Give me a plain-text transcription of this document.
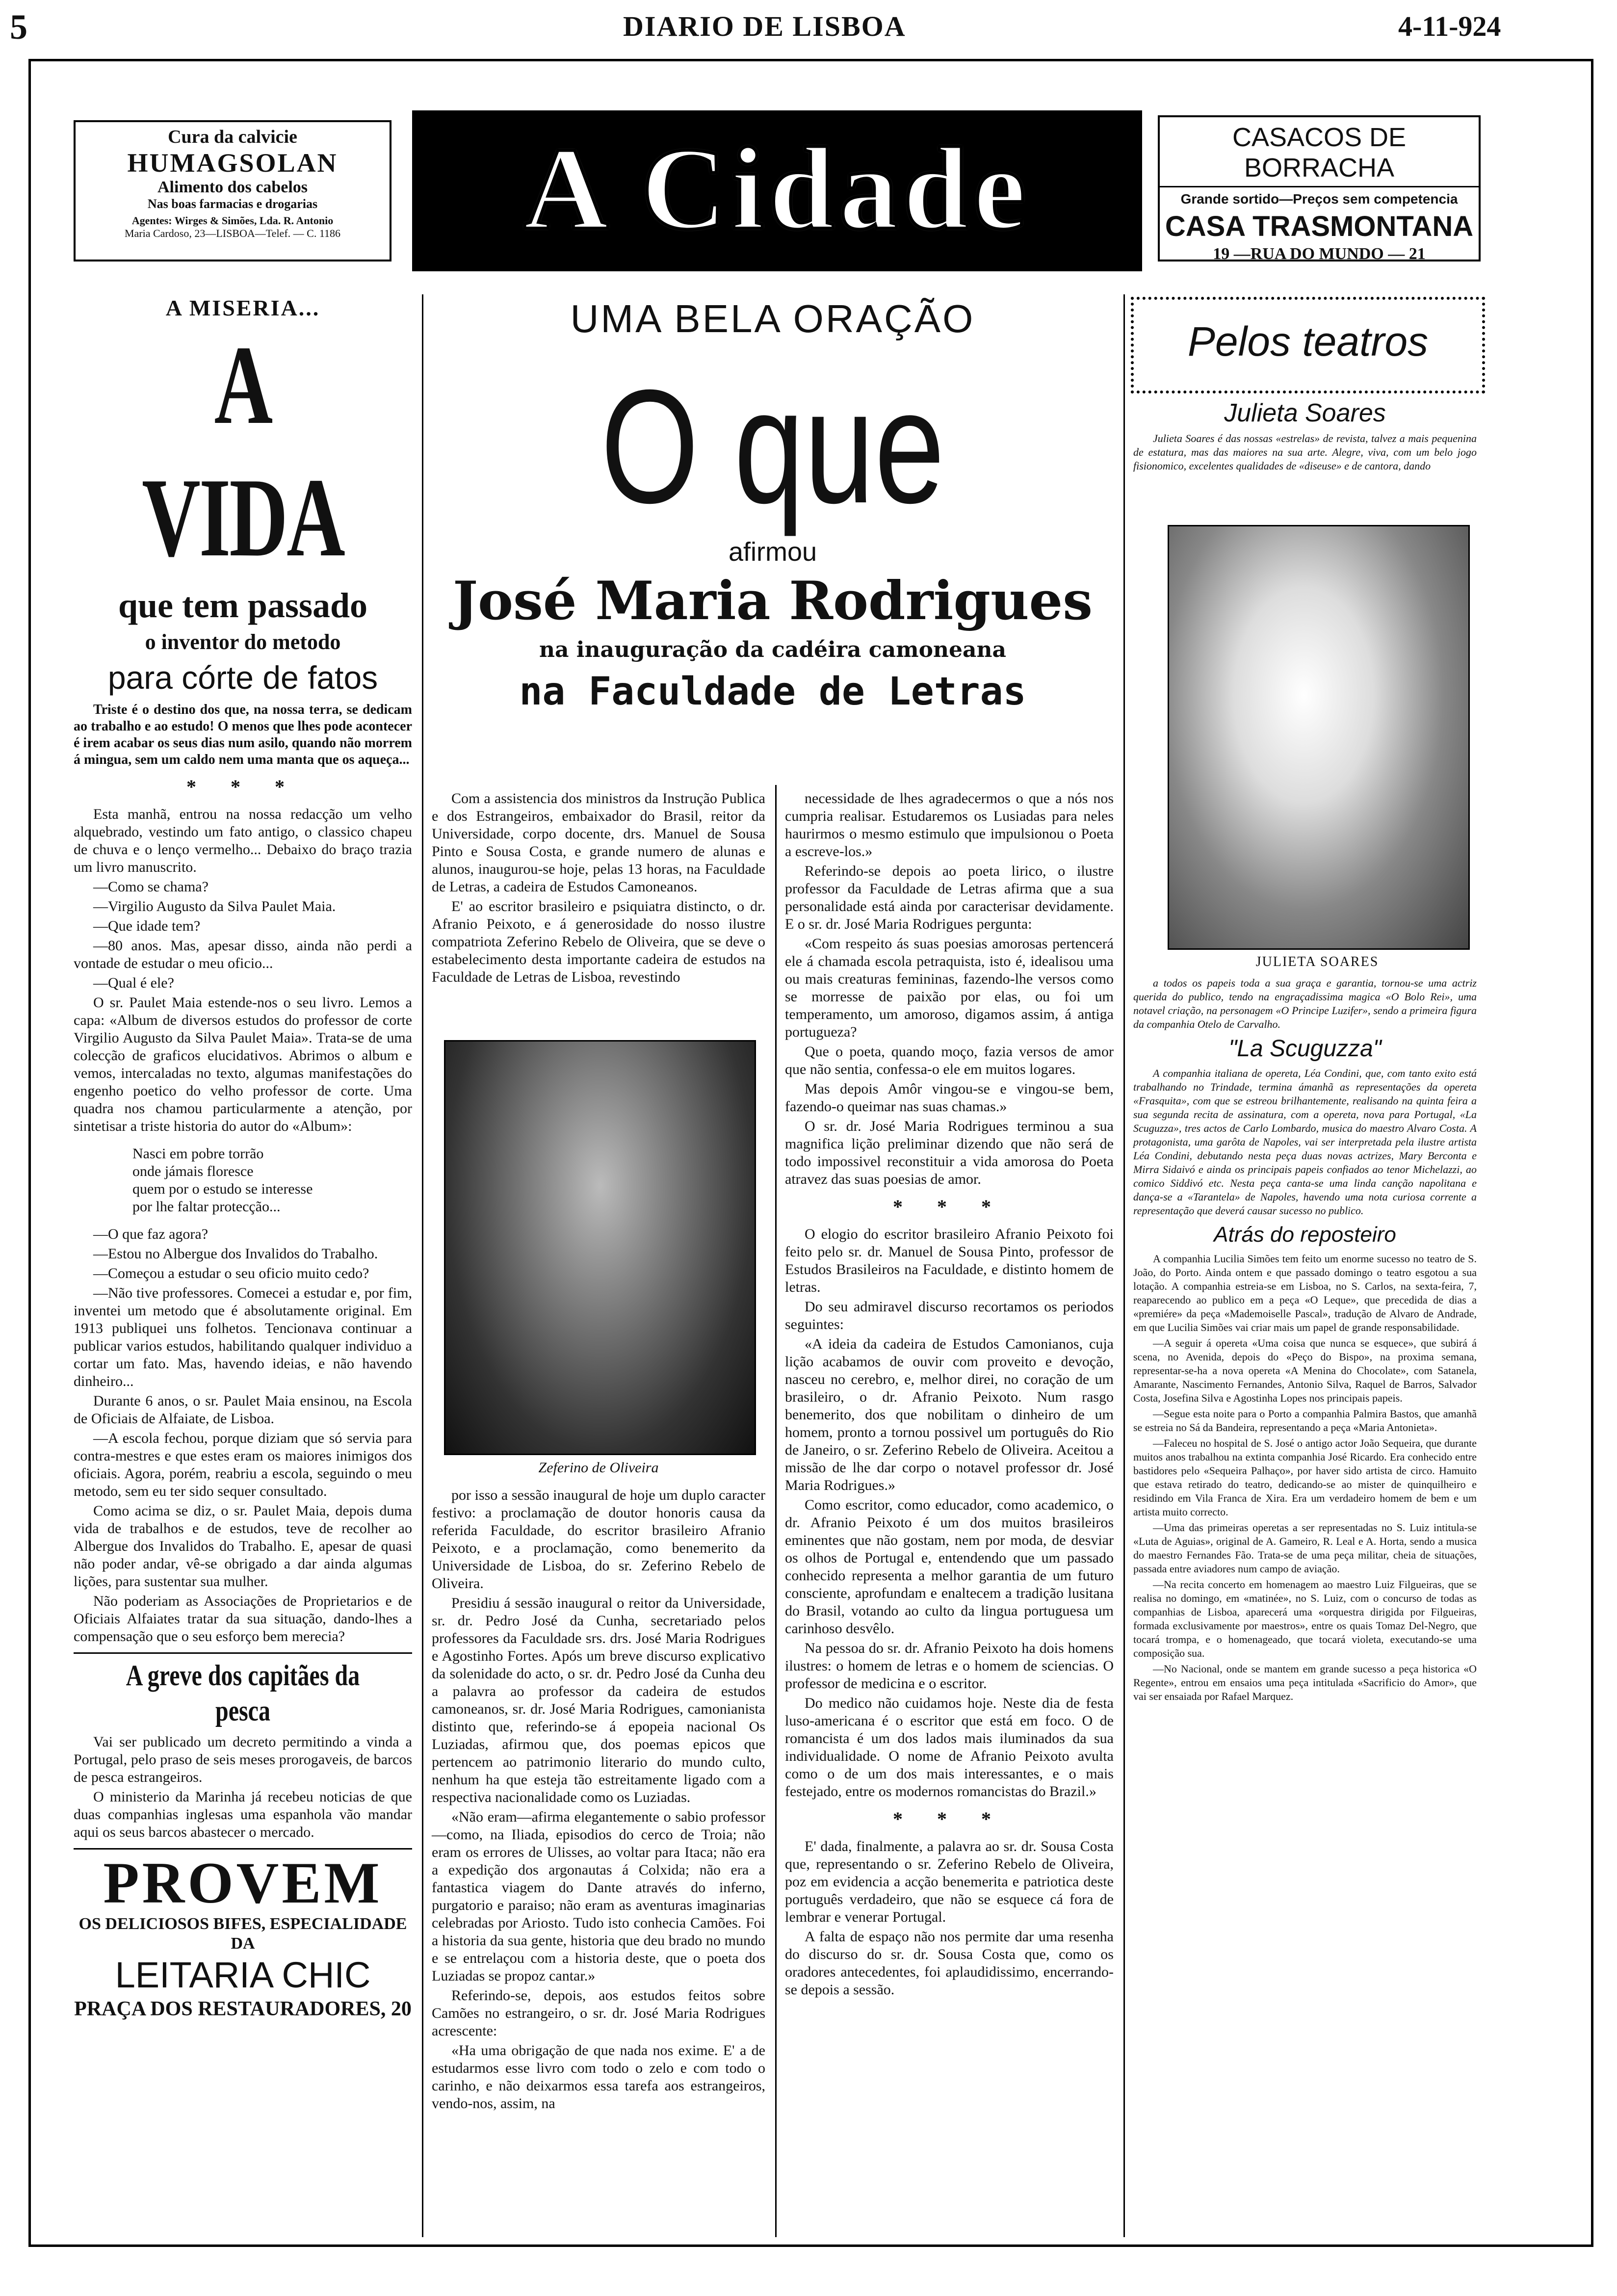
5	DIARIO DE LISBOA	4-11-924
Cura da calvicie
HUMAGSOLAN
Alimento dos cabelos
Nas boas farmacias e drogarias
Agentes: Wirges & Simões, Lda. R. Antonio
Maria Cardoso, 23—LISBOA—Telef. — C. 1186	A Cidade	CASACOS DE BORRACHA
Grande sortido—Preços sem competencia
CASA TRASMONTANA
19 —RUA DO MUNDO — 21
A MISERIA...
A VIDA
que tem passado
o inventor do metodo
para córte de fatos

Triste é o destino dos que, na nossa terra, se dedicam ao trabalho e ao estudo! O menos que lhes pode acontecer é irem acabar os seus dias num asilo, quando não morrem á mingua, sem um caldo nem uma manta que os aqueça...

* * *

Esta manhã, entrou na nossa redacção um velho alquebrado, vestindo um fato antigo, o classico chapeu de chuva e o lenço vermelho... Debaixo do braço trazia um livro manuscrito.

—Como se chama?

—Virgilio Augusto da Silva Paulet Maia.

—Que idade tem?

—80 anos. Mas, apesar disso, ainda não perdi a vontade de estudar o meu oficio...

—Qual é ele?

O sr. Paulet Maia estende-nos o seu livro. Lemos a capa: «Album de diversos estudos do professor de corte Virgilio Augusto da Silva Paulet Maia». Trata-se de uma colecção de graficos elucidativos. Abrimos o album e vemos, intercaladas no texto, algumas manifestações do engenho poetico do velho professor de corte. Uma quadra nos chamou particularmente a atenção, por sintetisar a triste historia do autor do «Album»:

Nasci em pobre torrão
onde jámais floresce
quem por o estudo se interesse
por lhe faltar protecção...

—O que faz agora?

—Estou no Albergue dos Invalidos do Trabalho.

—Começou a estudar o seu oficio muito cedo?

—Não tive professores. Comecei a estudar e, por fim, inventei um metodo que é absolutamente original. Em 1913 publiquei uns folhetos. Tencionava continuar a publicar varios estudos, habilitando qualquer individuo a cortar um fato. Mas, havendo ideias, e não havendo dinheiro...

Durante 6 anos, o sr. Paulet Maia ensinou, na Escola de Oficiais de Alfaiate, de Lisboa.

—A escola fechou, porque diziam que só servia para contra-mestres e que estes eram os maiores inimigos dos oficiais. Agora, porém, reabriu a escola, seguindo o meu metodo, sem eu ter sido sequer consultado.

Como acima se diz, o sr. Paulet Maia, depois duma vida de trabalhos e de estudos, teve de recolher ao Albergue dos Invalidos do Trabalho. E, apesar de quasi não poder andar, vê-se obrigado a dar ainda algumas lições, para sustentar sua mulher.

Não poderiam as Associações de Proprietarios e de Oficiais Alfaiates tratar da sua situação, dando-lhes a compensação que o seu esforço bem merecia?

A greve dos capitães da pesca

Vai ser publicado um decreto permitindo a vinda a Portugal, pelo praso de seis meses prorogaveis, de barcos de pesca estrangeiros.

O ministerio da Marinha já recebeu noticias de que duas companhias inglesas uma espanhola vão mandar aqui os seus barcos abastecer o mercado.

PROVEM
OS DELICIOSOS BIFES, ESPECIALIDADE DA
LEITARIA CHIC
PRAÇA DOS RESTAURADORES, 20
UMA BELA ORAÇÃO
O que
afirmou
José Maria Rodrigues
na inauguração da cadéira camoneana
na Faculdade de Letras

Com a assistencia dos ministros da Instrução Publica e dos Estrangeiros, embaixador do Brasil, reitor da Universidade, corpo docente, drs. Manuel de Sousa Pinto e Sousa Costa, e grande numero de alunas e alunos, inaugurou-se hoje, pelas 13 horas, na Faculdade de Letras, a cadeira de Estudos Camoneanos.

E' ao escritor brasileiro e psiquiatra distincto, o dr. Afranio Peixoto, e á generosidade do nosso ilustre compatriota Zeferino Rebelo de Oliveira, que se deve o estabelecimento desta importante cadeira de estudos na Faculdade de Letras de Lisboa, revestindo

Zeferino de Oliveira

por isso a sessão inaugural de hoje um duplo caracter festivo: a proclamação de doutor honoris causa da referida Faculdade, do escritor brasileiro Afranio Peixoto, e a proclamação, como benemerito da Universidade de Lisboa, do sr. Zeferino Rebelo de Oliveira.

Presidiu á sessão inaugural o reitor da Universidade, sr. dr. Pedro José da Cunha, secretariado pelos professores da Faculdade srs. drs. José Maria Rodrigues e Agostinho Fortes. Após um breve discurso explicativo da solenidade do acto, o sr. dr. Pedro José da Cunha deu a palavra ao professor da cadeira de estudos camoneanos, sr. dr. José Maria Rodrigues, camonianista distinto que, referindo-se á epopeia nacional Os Luziadas, afirmou que, dos poemas epicos que pertencem ao patrimonio literario do mundo culto, nenhum ha que esteja tão estreitamente ligado com a respectiva nacionalidade como os Luziadas.

«Não eram—afirma elegantemente o sabio professor—como, na Iliada, episodios do cerco de Troia; não eram os errores de Ulisses, ao voltar para Itaca; não era a expedição dos argonautas á Colxida; não era a fantastica viagem do Dante através do inferno, purgatorio e paraiso; não eram as aventuras imaginarias celebradas por Ariosto. Tudo isto conhecia Camões. Foi a historia da sua gente, historia que deu brado no mundo e se entrelaçou com a historia deste, que o poeta dos Luziadas se propoz cantar.»

Referindo-se, depois, aos estudos feitos sobre Camões no estrangeiro, o sr. dr. José Maria Rodrigues acrescente:

«Ha uma obrigação de que nada nos exime. E' a de estudarmos esse livro com todo o zelo e com todo o carinho, e não deixarmos essa tarefa aos estrangeiros, vendo-nos, assim, na

necessidade de lhes agradecermos o que a nós nos cumpria realisar. Estudaremos os Lusiadas para neles haurirmos o mesmo estimulo que impulsionou o Poeta a escreve-los.»

Referindo-se depois ao poeta lirico, o ilustre professor da Faculdade de Letras afirma que a sua personalidade está ainda por caracterisar devidamente. E o sr. dr. José Maria Rodrigues pergunta:

«Com respeito ás suas poesias amorosas pertencerá ele á chamada escola petraquista, isto é, idealisou uma ou mais creaturas femininas, fazendo-lhe versos como se morresse de paixão por elas, ou foi um temperamento, um amoroso, digamos assim, á antiga portugueza?

Que o poeta, quando moço, fazia versos de amor que não sentia, confessa-o ele em muitos logares.

Mas depois Amôr vingou-se e vingou-se bem, fazendo-o queimar nas suas chamas.»

O sr. dr. José Maria Rodrigues terminou a sua magnifica lição preliminar dizendo que não será de todo impossivel reconstituir a vida amorosa do Poeta atravez das suas poesias de amor.

* * *

O elogio do escritor brasileiro Afranio Peixoto foi feito pelo sr. dr. Manuel de Sousa Pinto, professor de Estudos Brasileiros na Faculdade, e distinto homem de letras.

Do seu admiravel discurso recortamos os periodos seguintes:

«A ideia da cadeira de Estudos Camonianos, cuja lição acabamos de ouvir com proveito e devoção, nasceu no cerebro, e, melhor direi, no coração de um brasileiro, o dr. Afranio Peixoto. Num rasgo benemerito, dos que nobilitam o dinheiro de um homem, pronto a tornou possivel um português do Rio de Janeiro, o sr. Zeferino Rebelo de Oliveira. Aceitou a missão de lhe dar corpo o notavel professor dr. José Maria Rodrigues.»

Como escritor, como educador, como academico, o dr. Afranio Peixoto é um dos muitos brasileiros eminentes que não gostam, nem por moda, de desviar os olhos de Portugal e, entendendo que um passado conhecido representa a melhor garantia de um futuro consciente, aprofundam e enaltecem a tradição lusitana do Brasil, votando ao culto da lingua portuguesa um carinhoso desvêlo.

Na pessoa do sr. dr. Afranio Peixoto ha dois homens ilustres: o homem de letras e o homem de sciencias. O professor de medicina e o escritor.

Do medico não cuidamos hoje. Neste dia de festa luso-americana é o escritor que está em foco. O de romancista é um dos lados mais iluminados da sua individualidade. O nome de Afranio Peixoto avulta como o de um dos mais interessantes, e o mais festejado, entre os modernos romancistas do Brazil.»

* * *

E' dada, finalmente, a palavra ao sr. dr. Sousa Costa que, representando o sr. Zeferino Rebelo de Oliveira, poz em evidencia a acção benemerita e patriotica deste português verdadeiro, que não se esquece cá fora de lembrar e venerar Portugal.

A falta de espaço não nos permite dar uma resenha do discurso do sr. dr. Sousa Costa que, como os oradores antecedentes, foi aplaudidissimo, encerrando-se depois a sessão.

Pelos teatros
Julieta Soares

Julieta Soares é das nossas «estrelas» de revista, talvez a mais pequenina de estatura, mas das maiores na sua arte. Alegre, viva, com um belo jogo fisionomico, excelentes qualidades de «diseuse» e de cantora, dando

JULIETA SOARES

a todos os papeis toda a sua graça e garantia, tornou-se uma actriz querida do publico, tendo na engraçadissima magica «O Bolo Rei», uma notavel criação, na personagem «O Principe Luzifer», sendo a primeira figura da companhia Otelo de Carvalho.

"La Scuguzza"

A companhia italiana de opereta, Léa Condini, que, com tanto exito está trabalhando no Trindade, termina ámanhã as representações da opereta «Frasquita», com que se estreou brilhantemente, realisando na quinta feira a sua segunda recita de assinatura, com a opereta, nova para Portugal, «La Scuguzza», tres actos de Carlo Lombardo, musica do maestro Alvaro Costa. A protagonista, uma garôta de Napoles, vai ser interpretada pela ilustre artista Léa Condini, debutando nesta peça duas novas actrizes, Mary Berconta e Mirra Sidaivó e ainda os principais papeis confiados ao tenor Michelazzi, ao comico Siddivó etc. Nesta peça canta-se uma linda canção napolitana e dança-se a «Tarantela» de Napoles, havendo uma nota curiosa corrente a representação que deverá causar sucesso no publico.

Atrás do reposteiro

A companhia Lucilia Simões tem feito um enorme sucesso no teatro de S. João, do Porto. Ainda ontem e que passado domingo o teatro esgotou a sua lotação. A companhia estreia-se em Lisboa, no S. Carlos, na sexta-feira, 7, reaparecendo ao publico em a peça «O Leque», que precedida de dias a «premiére» da peça «Mademoiselle Pascal», tradução de Alvaro de Andrade, em que Lucilia Simões vai criar mais um papel de grande responsabilidade.

—A seguir á opereta «Uma coisa que nunca se esquece», que subirá á scena, no Avenida, depois do «Peço do Bispo», na proxima semana, representar-se-ha a nova opereta «A Menina do Chocolate», com Satanela, Amarante, Nascimento Fernandes, Antonio Silva, Raquel de Barros, Salvador Costa, Josefina Silva e Agostinha Lopes nos principais papeis.

—Segue esta noite para o Porto a companhia Palmira Bastos, que amanhã se estreia no Sá da Bandeira, representando a peça «Maria Antonieta».

—Faleceu no hospital de S. José o antigo actor João Sequeira, que durante muitos anos trabalhou na extinta companhia José Ricardo. Era conhecido entre bastidores pelo «Sequeira Palhaço», por haver sido artista de circo. Hamuito que estava retirado do teatro, dedicando-se ao mister de quinquilheiro e residindo em Vila Franca de Xira. Era um verdadeiro homem de bem e um artista muito correcto.

—Uma das primeiras operetas a ser representadas no S. Luiz intitula-se «Luta de Aguias», original de A. Gameiro, R. Leal e A. Horta, sendo a musica do maestro Fernandes Fão. Trata-se de uma peça militar, cheia de situações, passada entre aviadores num campo de aviação.

—Na recita concerto em homenagem ao maestro Luiz Filgueiras, que se realisa no domingo, em «matinée», no S. Luiz, com o concurso de todas as companhias de Lisboa, aparecerá uma «orquestra dirigida por Filgueiras, formada exclusivamente por maestros», entre os quais Tomaz Del-Negro, que tocará trompa, e o homenageado, que tocará violeta, executando-se uma composição sua.

—No Nacional, onde se mantem em grande sucesso a peça historica «O Regente», entrou em ensaios uma peça intitulada «Sacrificio do Amor», que vai ser ensaiada por Rafael Marquez.
